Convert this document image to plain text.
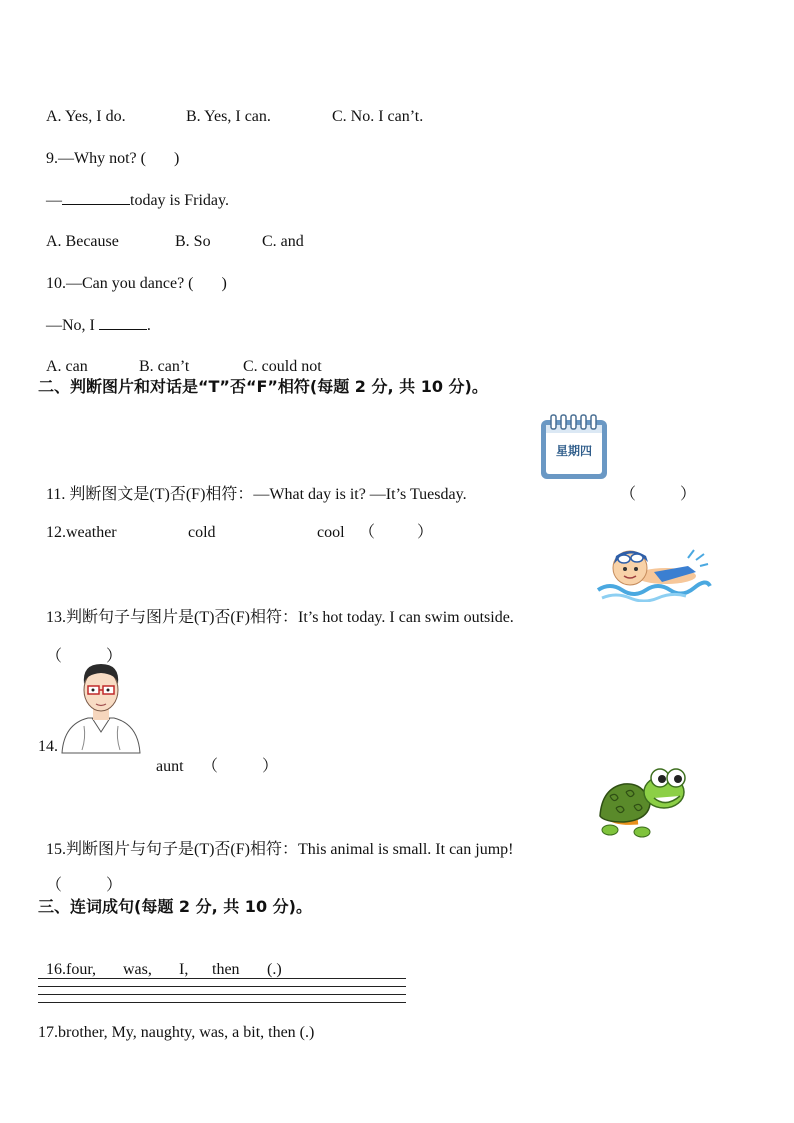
A. Yes, I do.	B. Yes, I can.	C. No. I can’t.

9.—Why not? ( )

—	today is Friday.

A. Because	B. So	C. and

10.—Can you dance? ( )

—No, I	.

A. can	B. can’t	C. could not

二、判断图片和对话是“T”否“F”相符(每题 2 分, 共 10 分)。
星期四

11. 判断图文是(T)否(F)相符：—What day is it? —It’s Tuesday.	（	）

12.weather	cold	cool （	）

13.判断句子与图片是(T)否(F)相符：It’s hot today. I can swim outside.

（	）

14.

aunt （	）

15.判断图片与句子是(T)否(F)相符：This animal is small. It can jump!

（	）

三、连词成句(每题 2 分, 共 10 分)。

16.four, was, I, then (.)

17.brother, My, naughty, was, a bit, then (.)
